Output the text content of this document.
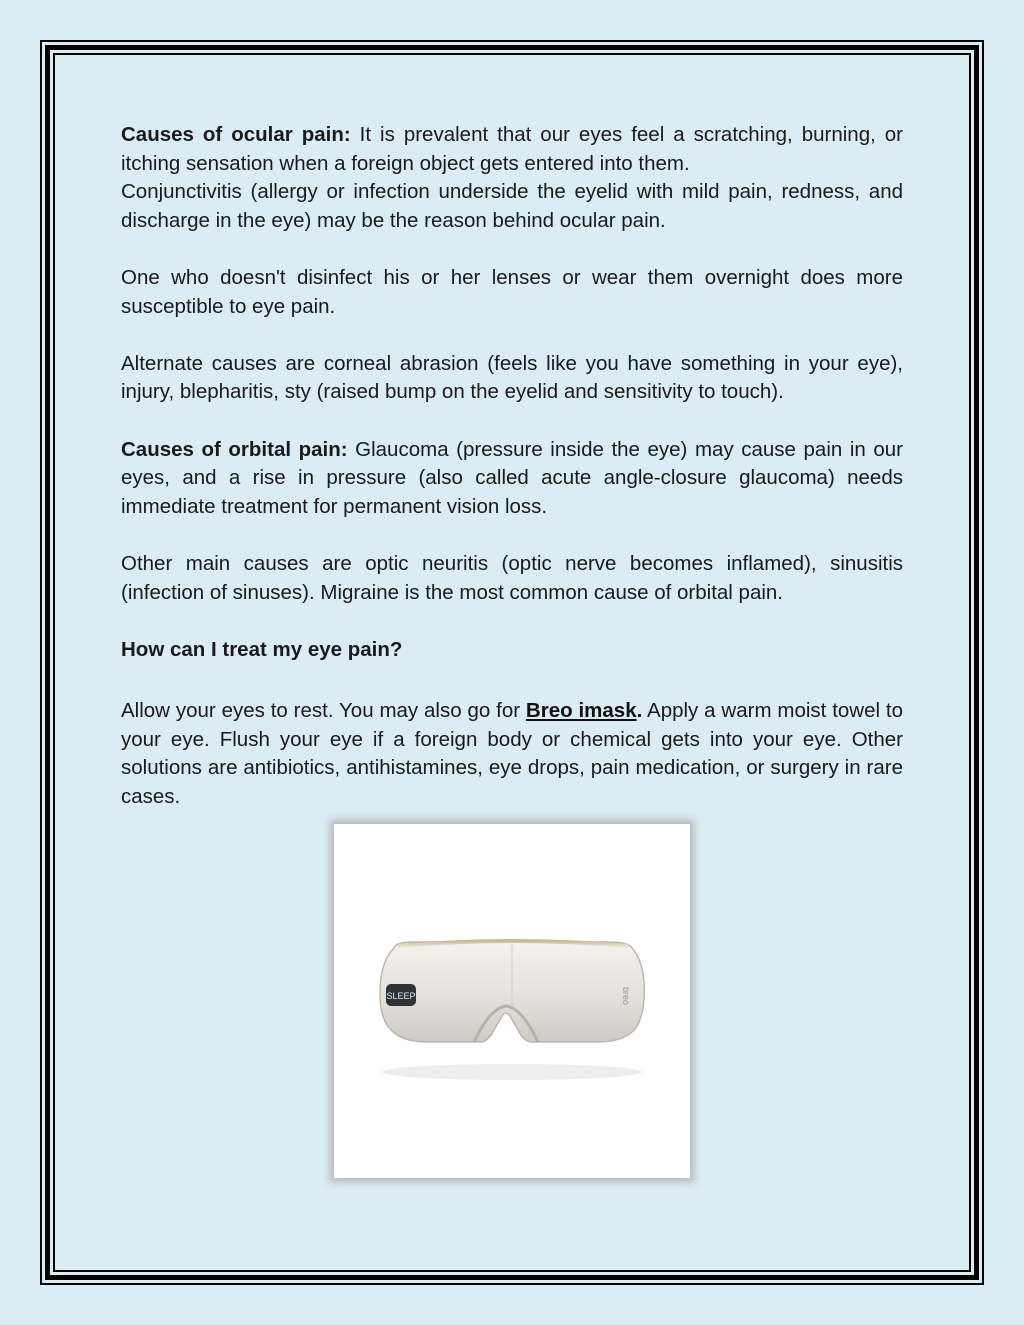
Causes of ocular pain: It is prevalent that our eyes feel a scratching, burning, or itching sensation when a foreign object gets entered into them.

Conjunctivitis (allergy or infection underside the eyelid with mild pain, redness, and discharge in the eye) may be the reason behind ocular pain.

One who doesn't disinfect his or her lenses or wear them overnight does more susceptible to eye pain.

Alternate causes are corneal abrasion (feels like you have something in your eye), injury, blepharitis, sty (raised bump on the eyelid and sensitivity to touch).

Causes of orbital pain: Glaucoma (pressure inside the eye) may cause pain in our eyes, and a rise in pressure (also called acute angle-closure glaucoma) needs immediate treatment for permanent vision loss.

Other main causes are optic neuritis (optic nerve becomes inflamed), sinusitis (infection of sinuses). Migraine is the most common cause of orbital pain.

How can I treat my eye pain?

Allow your eyes to rest. You may also go for Breo imask. Apply a warm moist towel to your eye. Flush your eye if a foreign body or chemical gets into your eye. Other solutions are antibiotics, antihistamines, eye drops, pain medication, or surgery in rare cases.

SLEEP	breo
